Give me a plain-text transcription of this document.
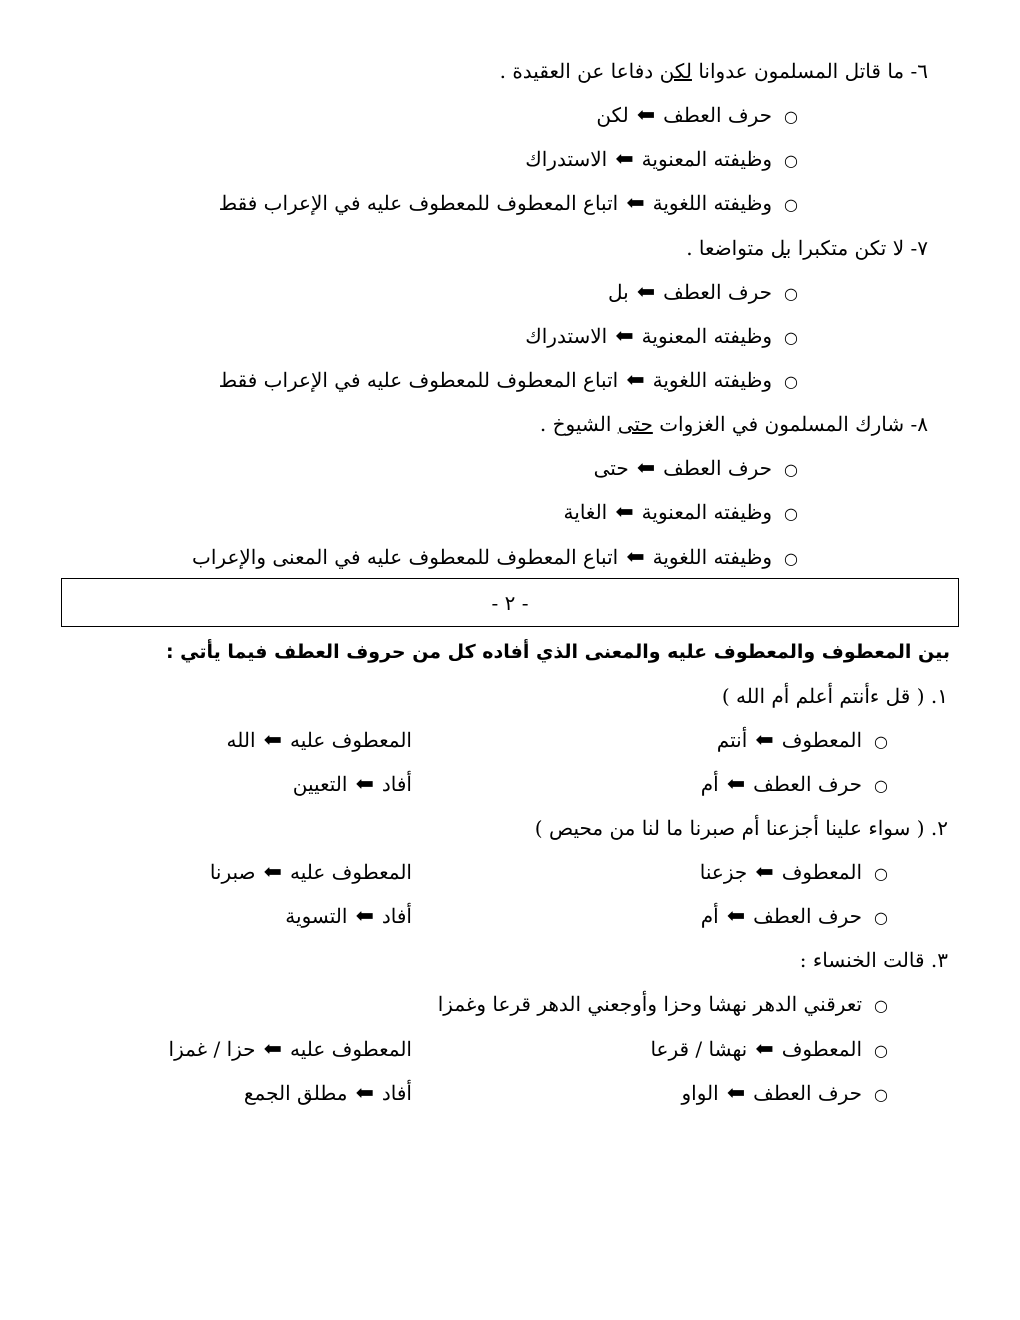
٦- ما قاتل المسلمون عدوانا لكن دفاعا عن العقيدة .
○حرف العطف⬅لكن
○وظيفته المعنوية⬅الاستدراك
○وظيفته اللغوية⬅اتباع المعطوف للمعطوف عليه في الإعراب فقط
٧- لا تكن متكبرا بل متواضعا .
○حرف العطف⬅بل
○وظيفته المعنوية⬅الاستدراك
○وظيفته اللغوية⬅اتباع المعطوف للمعطوف عليه في الإعراب فقط
٨- شارك المسلمون في الغزوات حتى الشيوخ .
○حرف العطف⬅حتى
○وظيفته المعنوية⬅الغاية
○وظيفته اللغوية⬅اتباع المعطوف للمعطوف عليه في المعنى والإعراب
- ٢ -
بين المعطوف والمعطوف عليه والمعنى الذي أفاده كل من حروف العطف فيما يأتي :
١. ( قل ءأنتم أعلم أم الله )
○المعطوف⬅أنتم
المعطوف عليه⬅الله
○حرف العطف⬅أم
أفاد⬅التعيين
٢. ( سواء علينا أجزعنا أم صبرنا ما لنا من محيص )
○المعطوف⬅جزعنا
المعطوف عليه⬅صبرنا
○حرف العطف⬅أم
أفاد⬅التسوية
٣. قالت الخنساء :
○تعرقني الدهر نهشا وحزا وأوجعني الدهر قرعا وغمزا
○المعطوف⬅نهشا / قرعا
المعطوف عليه⬅حزا / غمزا
○حرف العطف⬅الواو
أفاد⬅مطلق الجمع
